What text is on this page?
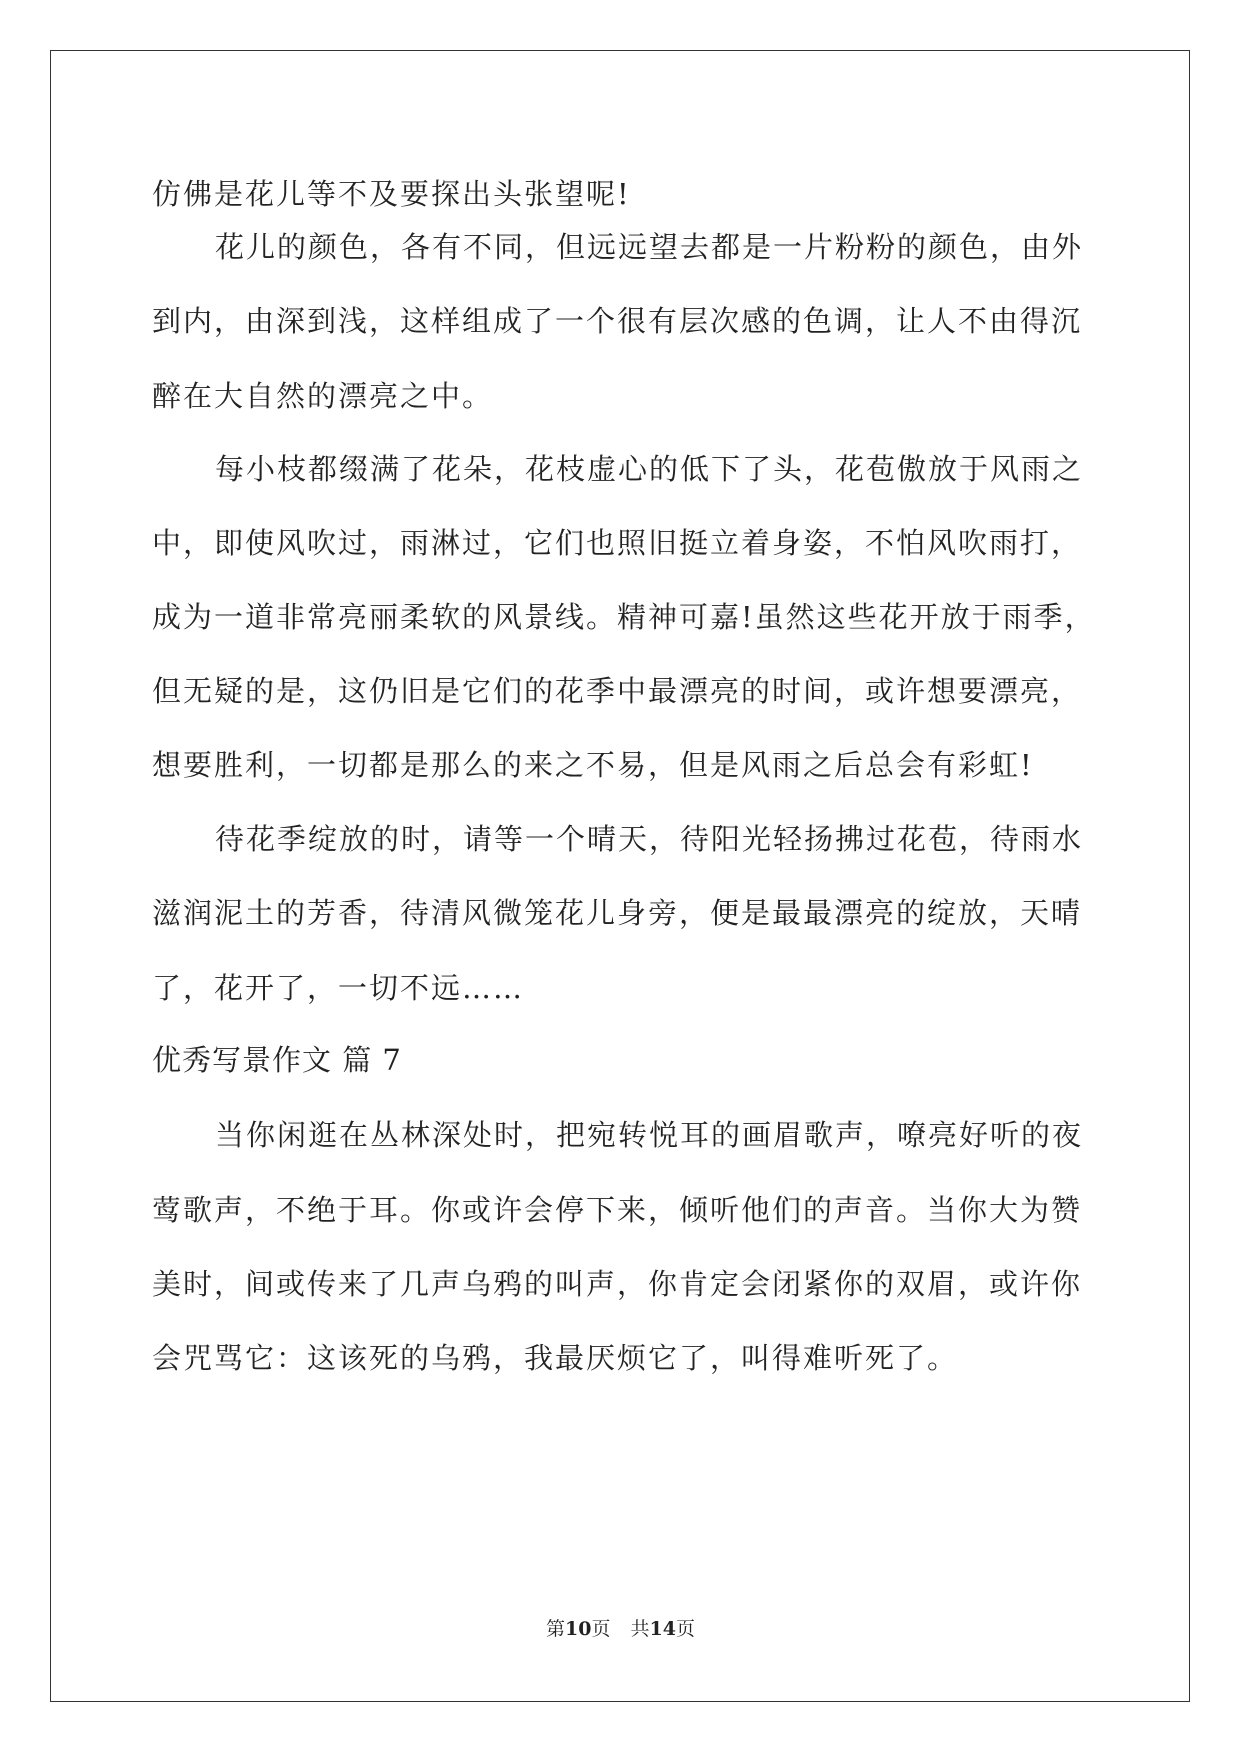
仿佛是花儿等不及要探出头张望呢!
花儿的颜色，各有不同，但远远望去都是一片粉粉的颜色，由外
到内，由深到浅，这样组成了一个很有层次感的色调，让人不由得沉
醉在大自然的漂亮之中。
每小枝都缀满了花朵，花枝虚心的低下了头，花苞傲放于风雨之
中，即使风吹过，雨淋过，它们也照旧挺立着身姿，不怕风吹雨打，
成为一道非常亮丽柔软的风景线。精神可嘉!虽然这些花开放于雨季，
但无疑的是，这仍旧是它们的花季中最漂亮的时间，或许想要漂亮，
想要胜利，一切都是那么的来之不易，但是风雨之后总会有彩虹!
待花季绽放的时，请等一个晴天，待阳光轻扬拂过花苞，待雨水
滋润泥土的芳香，待清风微笼花儿身旁，便是最最漂亮的绽放，天晴
了，花开了，一切不远……
优秀写景作文 篇 7
当你闲逛在丛林深处时，把宛转悦耳的画眉歌声，嘹亮好听的夜
莺歌声，不绝于耳。你或许会停下来，倾听他们的声音。当你大为赞
美时，间或传来了几声乌鸦的叫声，你肯定会闭紧你的双眉，或许你
会咒骂它：这该死的乌鸦，我最厌烦它了，叫得难听死了。
第10页 共14页
